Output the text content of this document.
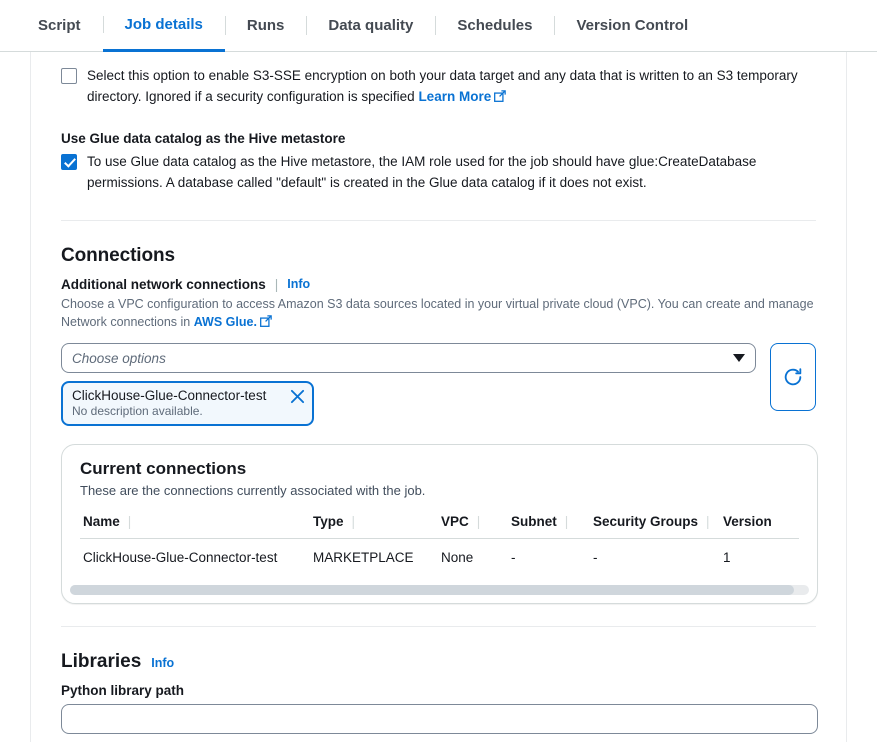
Script	Job details	Runs	Data quality	Schedules	Version Control
Select this option to enable S3-SSE encryption on both your data target and any data that is written to an S3 temporary directory. Ignored if a security configuration is specified Learn More
Use Glue data catalog as the Hive metastore
To use Glue data catalog as the Hive metastore, the IAM role used for the job should have glue:CreateDatabase permissions. A database called "default" is created in the Glue data catalog if it does not exist.
Connections
Additional network connections | Info
Choose a VPC configuration to access Amazon S3 data sources located in your virtual private cloud (VPC). You can create and manage
Network connections in AWS Glue.
Choose options
ClickHouse-Glue-Connector-test
No description available.
Current connections
These are the connections currently associated with the job.
Name |	Type |	VPC |	Subnet |	Security Groups |	Version
ClickHouse-Glue-Connector-test	MARKETPLACE	None	-	-	1
Libraries Info
Python library path
